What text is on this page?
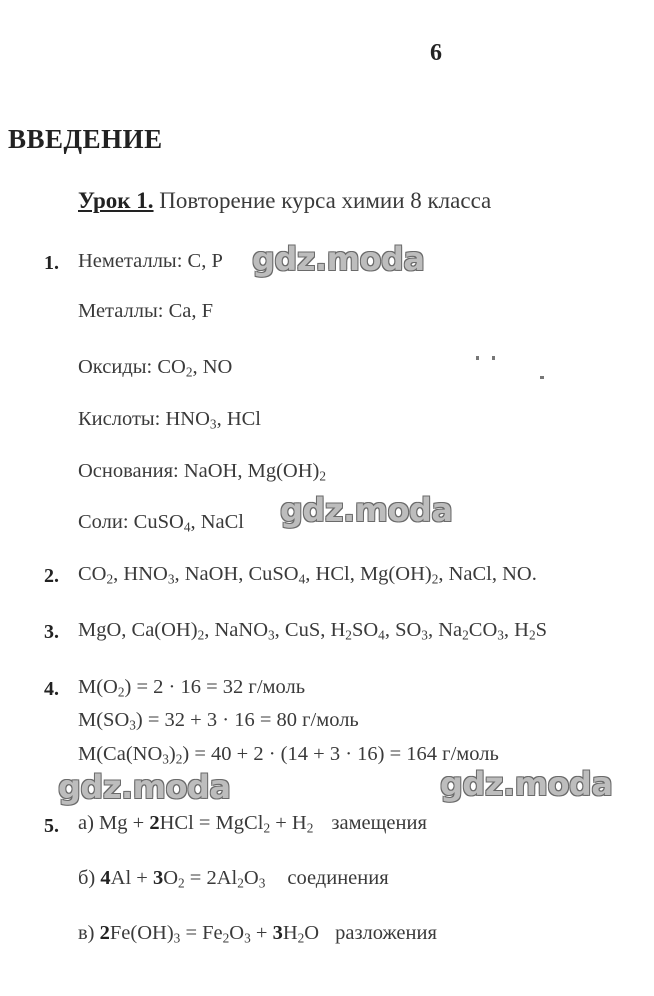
6
ВВЕДЕНИЕ
Урок 1. Повторение курса химии 8 класса
1. Неметаллы: C, P
Металлы: Ca, F
Оксиды: $CO_2$, NO
Кислоты: $HNO_3$, HCl
Основания: NaOH, $Mg(OH)_2$
Соли: CuSO$_4$, NaCl
2. $CO_2$, $HNO_3$, NaOH, CuSO$_4$, HCl, $Mg(OH)_2$, NaCl, NO.
3. MgO, $Ca(OH)_2$, NaNO$_3$, CuS, $H_2SO_4$, $SO_3$, $Na_2CO_3$, $H_2S$
4. $M(O_2) = 2 \cdot 16 = 32$ г/моль
$M(SO_3) = 32 + 3 \cdot 16 = 80$ г/моль
$M(Ca(NO_3)_2) = 40 + 2 \cdot (14 + 3 \cdot 16) = 164$ г/моль
5. а) Mg + 2HCl = MgCl$_2$ + $H_2$ замещения
б) $4Al + 3O_2 = 2Al_2O_3$ соединения
в) $2Fe(OH)_3 = Fe_2O_3 + 3H_2O$ разложения
gdz.moda
gdz.moda
gdz.moda	gdz.moda
